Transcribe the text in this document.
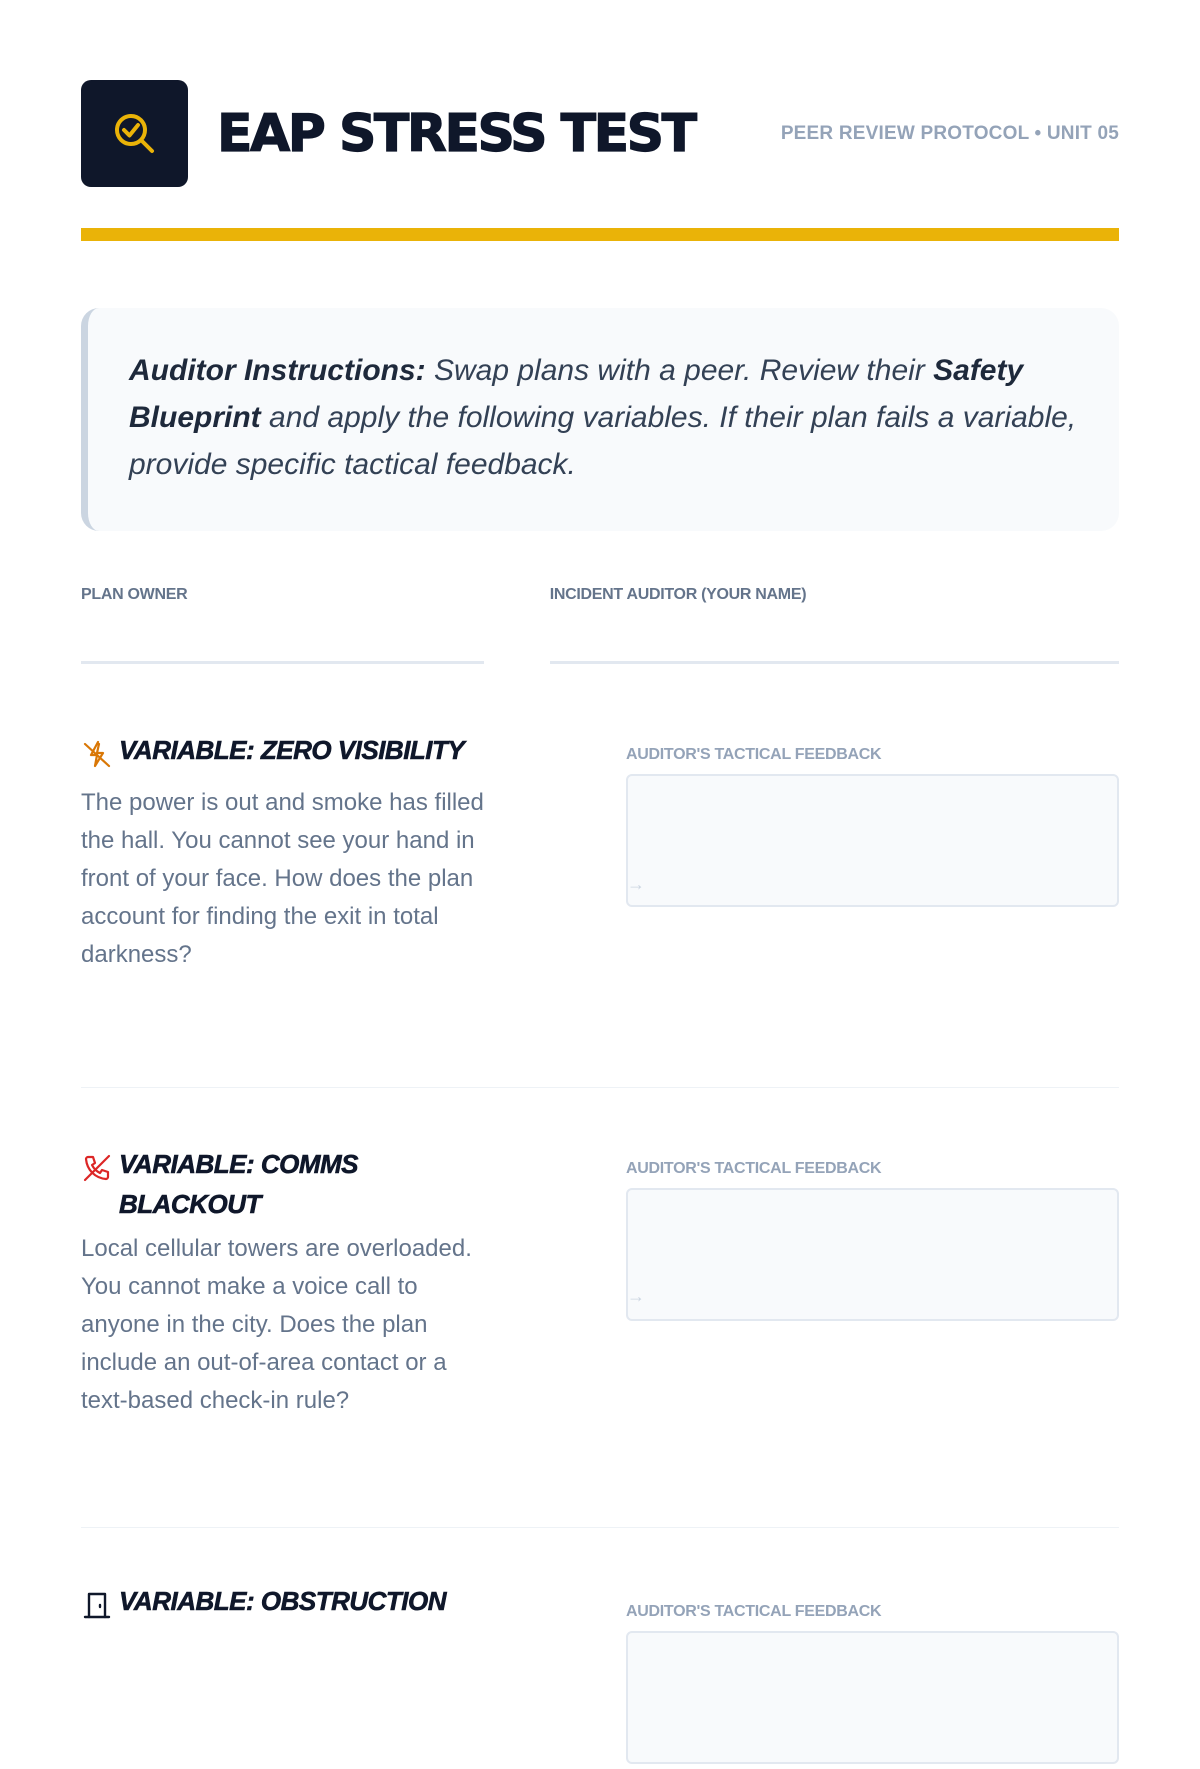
EAP STRESS TEST	PEER REVIEW PROTOCOL • UNIT 05
Auditor Instructions: Swap plans with a peer. Review their Safety Blueprint and apply the following variables. If their plan fails a variable, provide specific tactical feedback.
PLAN OWNER	INCIDENT AUDITOR (YOUR NAME)
VARIABLE: ZERO VISIBILITY

The power is out and smoke has filled the hall. You cannot see your hand in front of your face. How does the plan account for finding the exit in total darkness?

→
AUDITOR'S TACTICAL FEEDBACK
VARIABLE: COMMS BLACKOUT

Local cellular towers are overloaded. You cannot make a voice call to anyone in the city. Does the plan include an out-of-area contact or a text-based check-in rule?

→
AUDITOR'S TACTICAL FEEDBACK
VARIABLE: OBSTRUCTION	AUDITOR'S TACTICAL FEEDBACK
